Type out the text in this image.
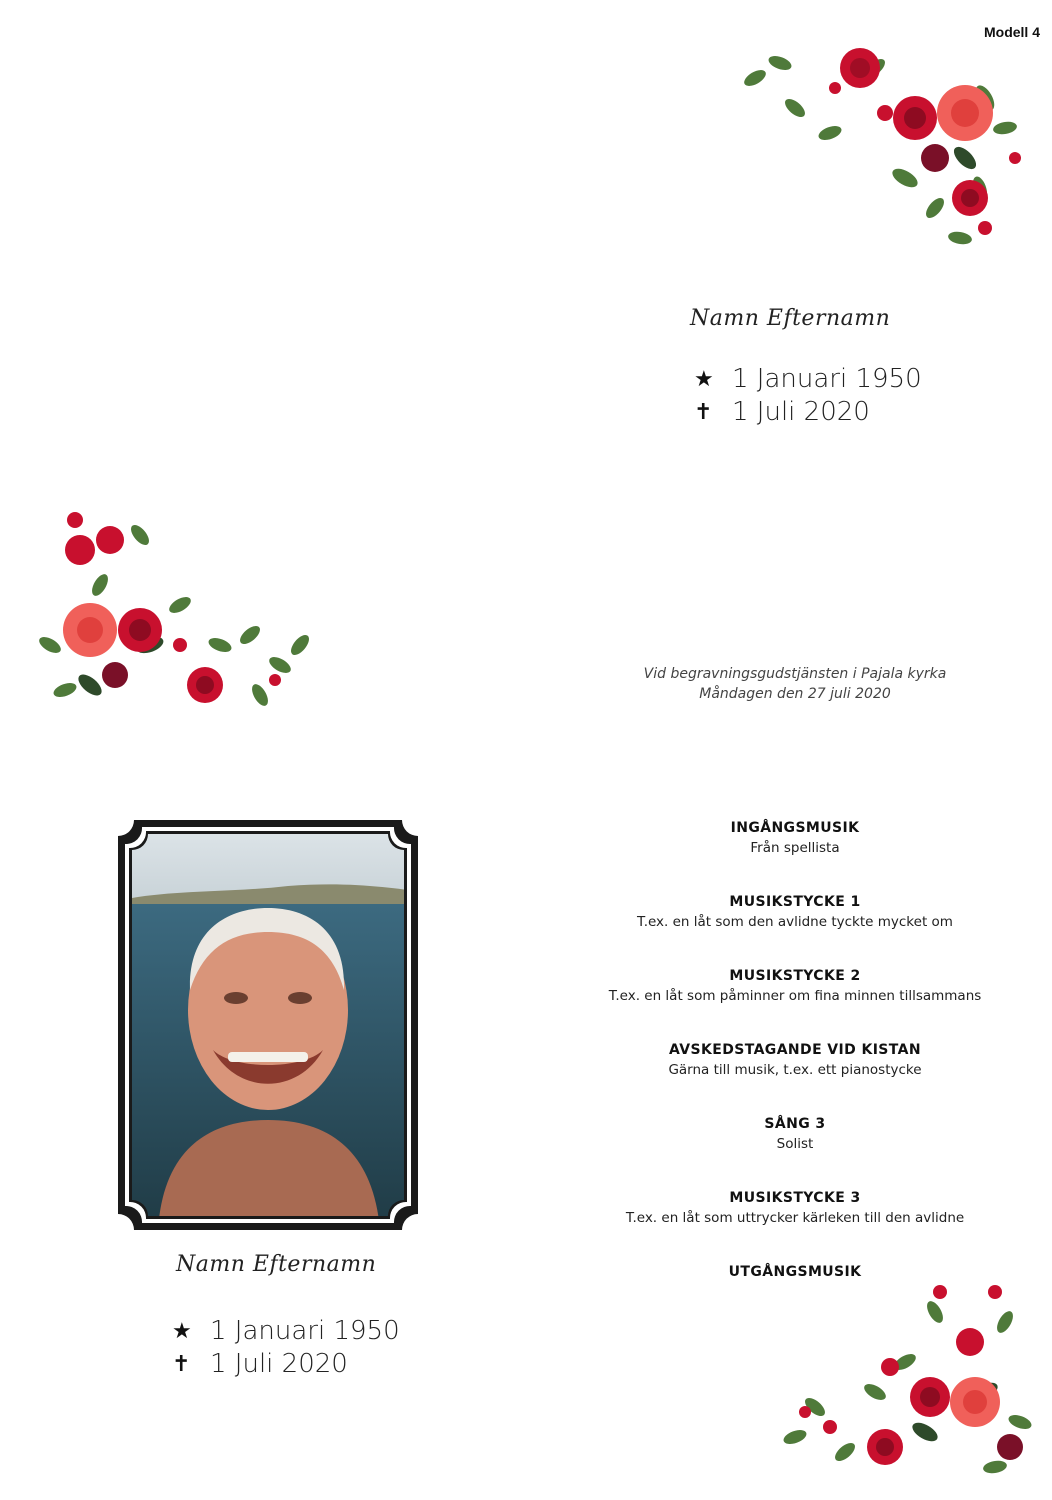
Modell 4
Namn Efternamn
★ 1 Januari 1950
✝ 1 Juli 2020
Vid begravningsgudstjänsten i Pajala kyrka
Måndagen den 27 juli 2020
Namn Efternamn
★ 1 Januari 1950
✝ 1 Juli 2020
INGÅNGSMUSIK
Från spellista
MUSIKSTYCKE 1
T.ex. en låt som den avlidne tyckte mycket om
MUSIKSTYCKE 2
T.ex. en låt som påminner om fina minnen tillsammans
AVSKEDSTAGANDE VID KISTAN
Gärna till musik, t.ex. ett pianostycke
SÅNG 3
Solist
MUSIKSTYCKE 3
T.ex. en låt som uttrycker kärleken till den avlidne
UTGÅNGSMUSIK
